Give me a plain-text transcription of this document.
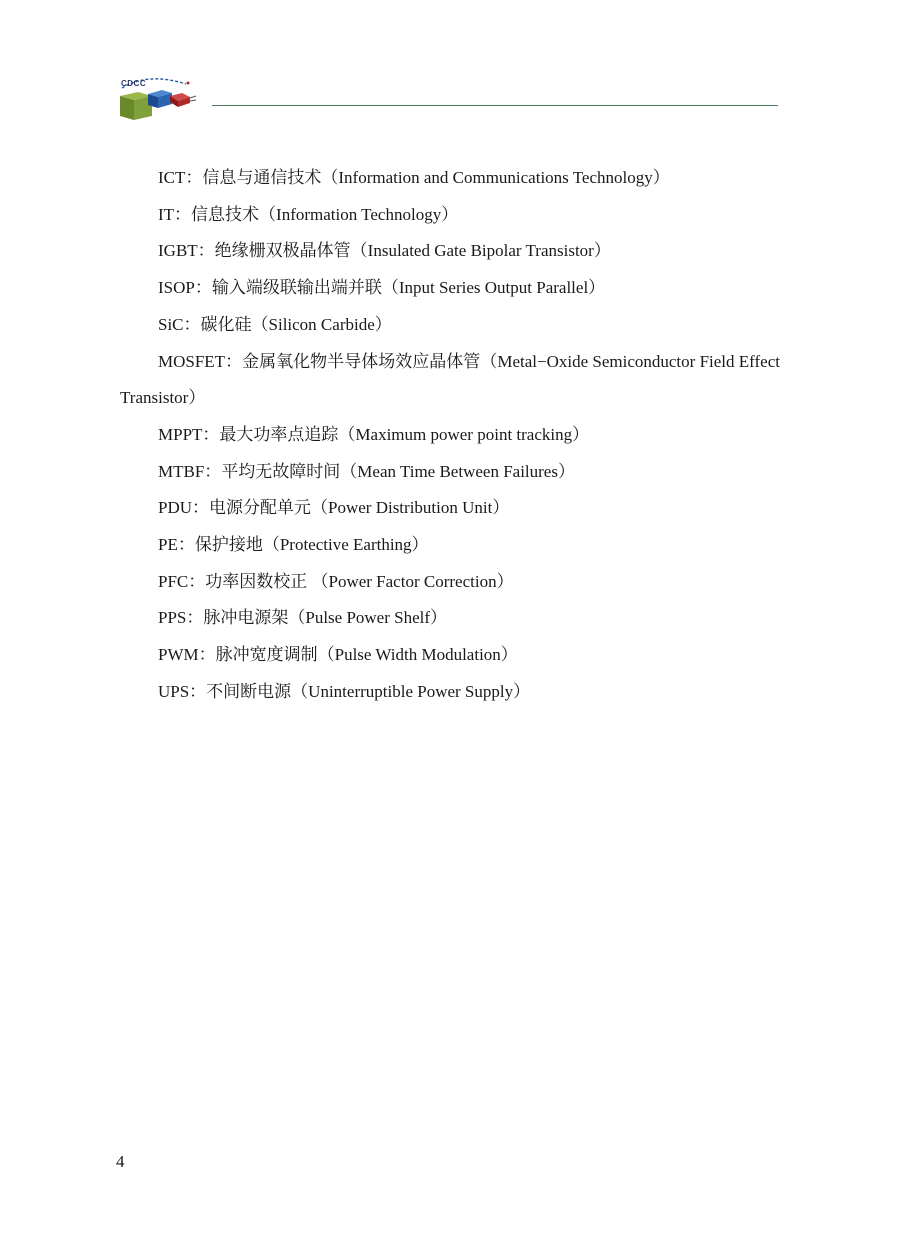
CDCC

ICT：信息与通信技术（Information and Communications Technology）

IT：信息技术（Information Technology）

IGBT：绝缘栅双极晶体管（Insulated Gate Bipolar Transistor）

ISOP：输入端级联输出端并联（Input Series Output Parallel）

SiC：碳化硅（Silicon Carbide）

MOSFET：金属氧化物半导体场效应晶体管（Metal−Oxide Semiconductor Field Effect Transistor）

MPPT：最大功率点追踪（Maximum power point tracking）

MTBF：平均无故障时间（Mean Time Between Failures）

PDU：电源分配单元（Power Distribution Unit）

PE：保护接地（Protective Earthing）

PFC：功率因数校正 （Power Factor Correction）

PPS：脉冲电源架（Pulse Power Shelf）

PWM：脉冲宽度调制（Pulse Width Modulation）

UPS：不间断电源（Uninterruptible Power Supply）

4
